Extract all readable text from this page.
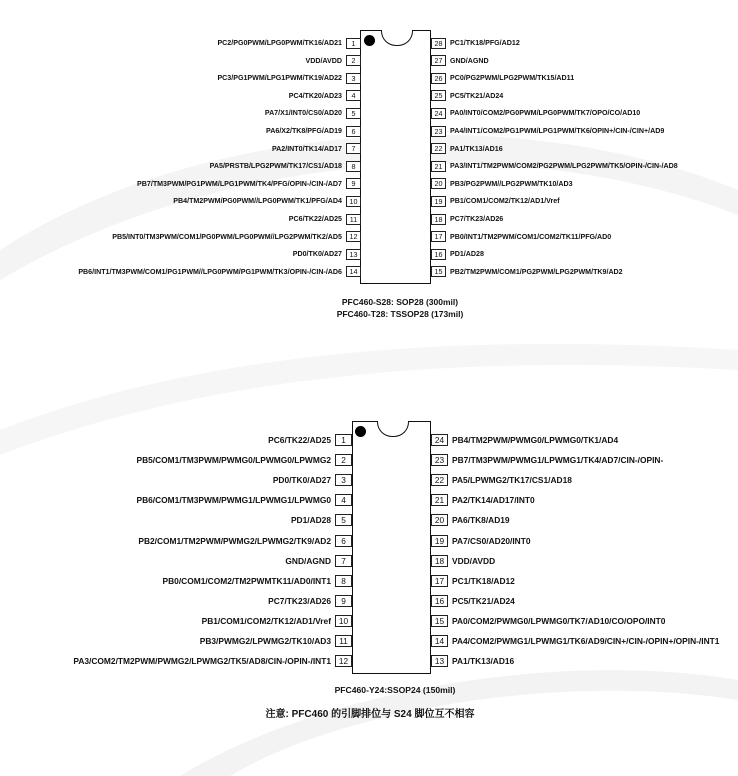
PC2/PG0PWM/LPG0PWM/TK16/AD21	1
VDD/AVDD	2
PC3/PG1PWM/LPG1PWM/TK19/AD22	3
PC4/TK20/AD23	4
PA7/X1/INT0/CS0/AD20	5
PA6/X2/TK8/PFG/AD19	6
PA2/INT0/TK14/AD17	7
PA5/PRSTB/LPG2PWM/TK17/CS1/AD18	8
PB7/TM3PWM/PG1PWM/LPG1PWM/TK4/PFG/OPIN-/CIN-/AD7	9
PB4/TM2PWM/PG0PWM//LPG0PWM/TK1/PFG/AD4	10
PC6/TK22/AD25	11
PB5/INT0/TM3PWM/COM1/PG0PWM/LPG0PWM//LPG2PWM/TK2/AD5	12
PD0/TK0/AD27	13
PB6/INT1/TM3PWM/COM1/PG1PWM//LPG0PWM/PG1PWM/TK3/OPIN-/CIN-/AD6	14
28	PC1/TK18/PFG/AD12
27	GND/AGND
26	PC0/PG2PWM/LPG2PWM/TK15/AD11
25	PC5/TK21/AD24
24	PA0/INT0/COM2/PG0PWM/LPG0PWM/TK7/OPO/CO/AD10
23	PA4/INT1/COM2/PG1PWM/LPG1PWM/TK6/OPIN+/CIN-/CIN+/AD9
22	PA1/TK13/AD16
21	PA3/INT1/TM2PWM/COM2/PG2PWM/LPG2PWM/TK5/OPIN-/CIN-/AD8
20	PB3/PG2PWM//LPG2PWM/TK10/AD3
19	PB1/COM1/COM2/TK12/AD1/Vref
18	PC7/TK23/AD26
17	PB0/INT1/TM2PWM/COM1/COM2/TK11/PFG/AD0
16	PD1/AD28
15	PB2/TM2PWM/COM1/PG2PWM/LPG2PWM/TK9/AD2
PFC460-S28: SOP28 (300mil)
PFC460-T28: TSSOP28 (173mil)
PC6/TK22/AD25	1
PB5/COM1/TM3PWM/PWMG0/LPWMG0/LPWMG2	2
PD0/TK0/AD27	3
PB6/COM1/TM3PWM/PWMG1/LPWMG1/LPWMG0	4
PD1/AD28	5
PB2/COM1/TM2PWM/PWMG2/LPWMG2/TK9/AD2	6
GND/AGND	7
PB0/COM1/COM2/TM2PWMTK11/AD0/INT1	8
PC7/TK23/AD26	9
PB1/COM1/COM2/TK12/AD1/Vref 10
PB3/PWMG2/LPWMG2/TK10/AD3 11
PA3/COM2/TM2PWM/PWMG2/LPWMG2/TK5/AD8/CIN-/OPIN-/INT1 12
24 PB4/TM2PWM/PWMG0/LPWMG0/TK1/AD4
23 PB7/TM3PWM/PWMG1/LPWMG1/TK4/AD7/CIN-/OPIN-
22 PA5/LPWMG2/TK17/CS1/AD18
21 PA2/TK14/AD17/INT0
20 PA6/TK8/AD19
19 PA7/CS0/AD20/INT0
18 VDD/AVDD
17 PC1/TK18/AD12
16 PC5/TK21/AD24
15 PA0/COM2/PWMG0/LPWMG0/TK7/AD10/CO/OPO/INT0
14 PA4/COM2/PWMG1/LPWMG1/TK6/AD9/CIN+/CIN-/OPIN+/OPIN-/INT1
13 PA1/TK13/AD16
PFC460-Y24:SSOP24 (150mil)
注意: PFC460 的引脚排位与 S24 脚位互不相容
